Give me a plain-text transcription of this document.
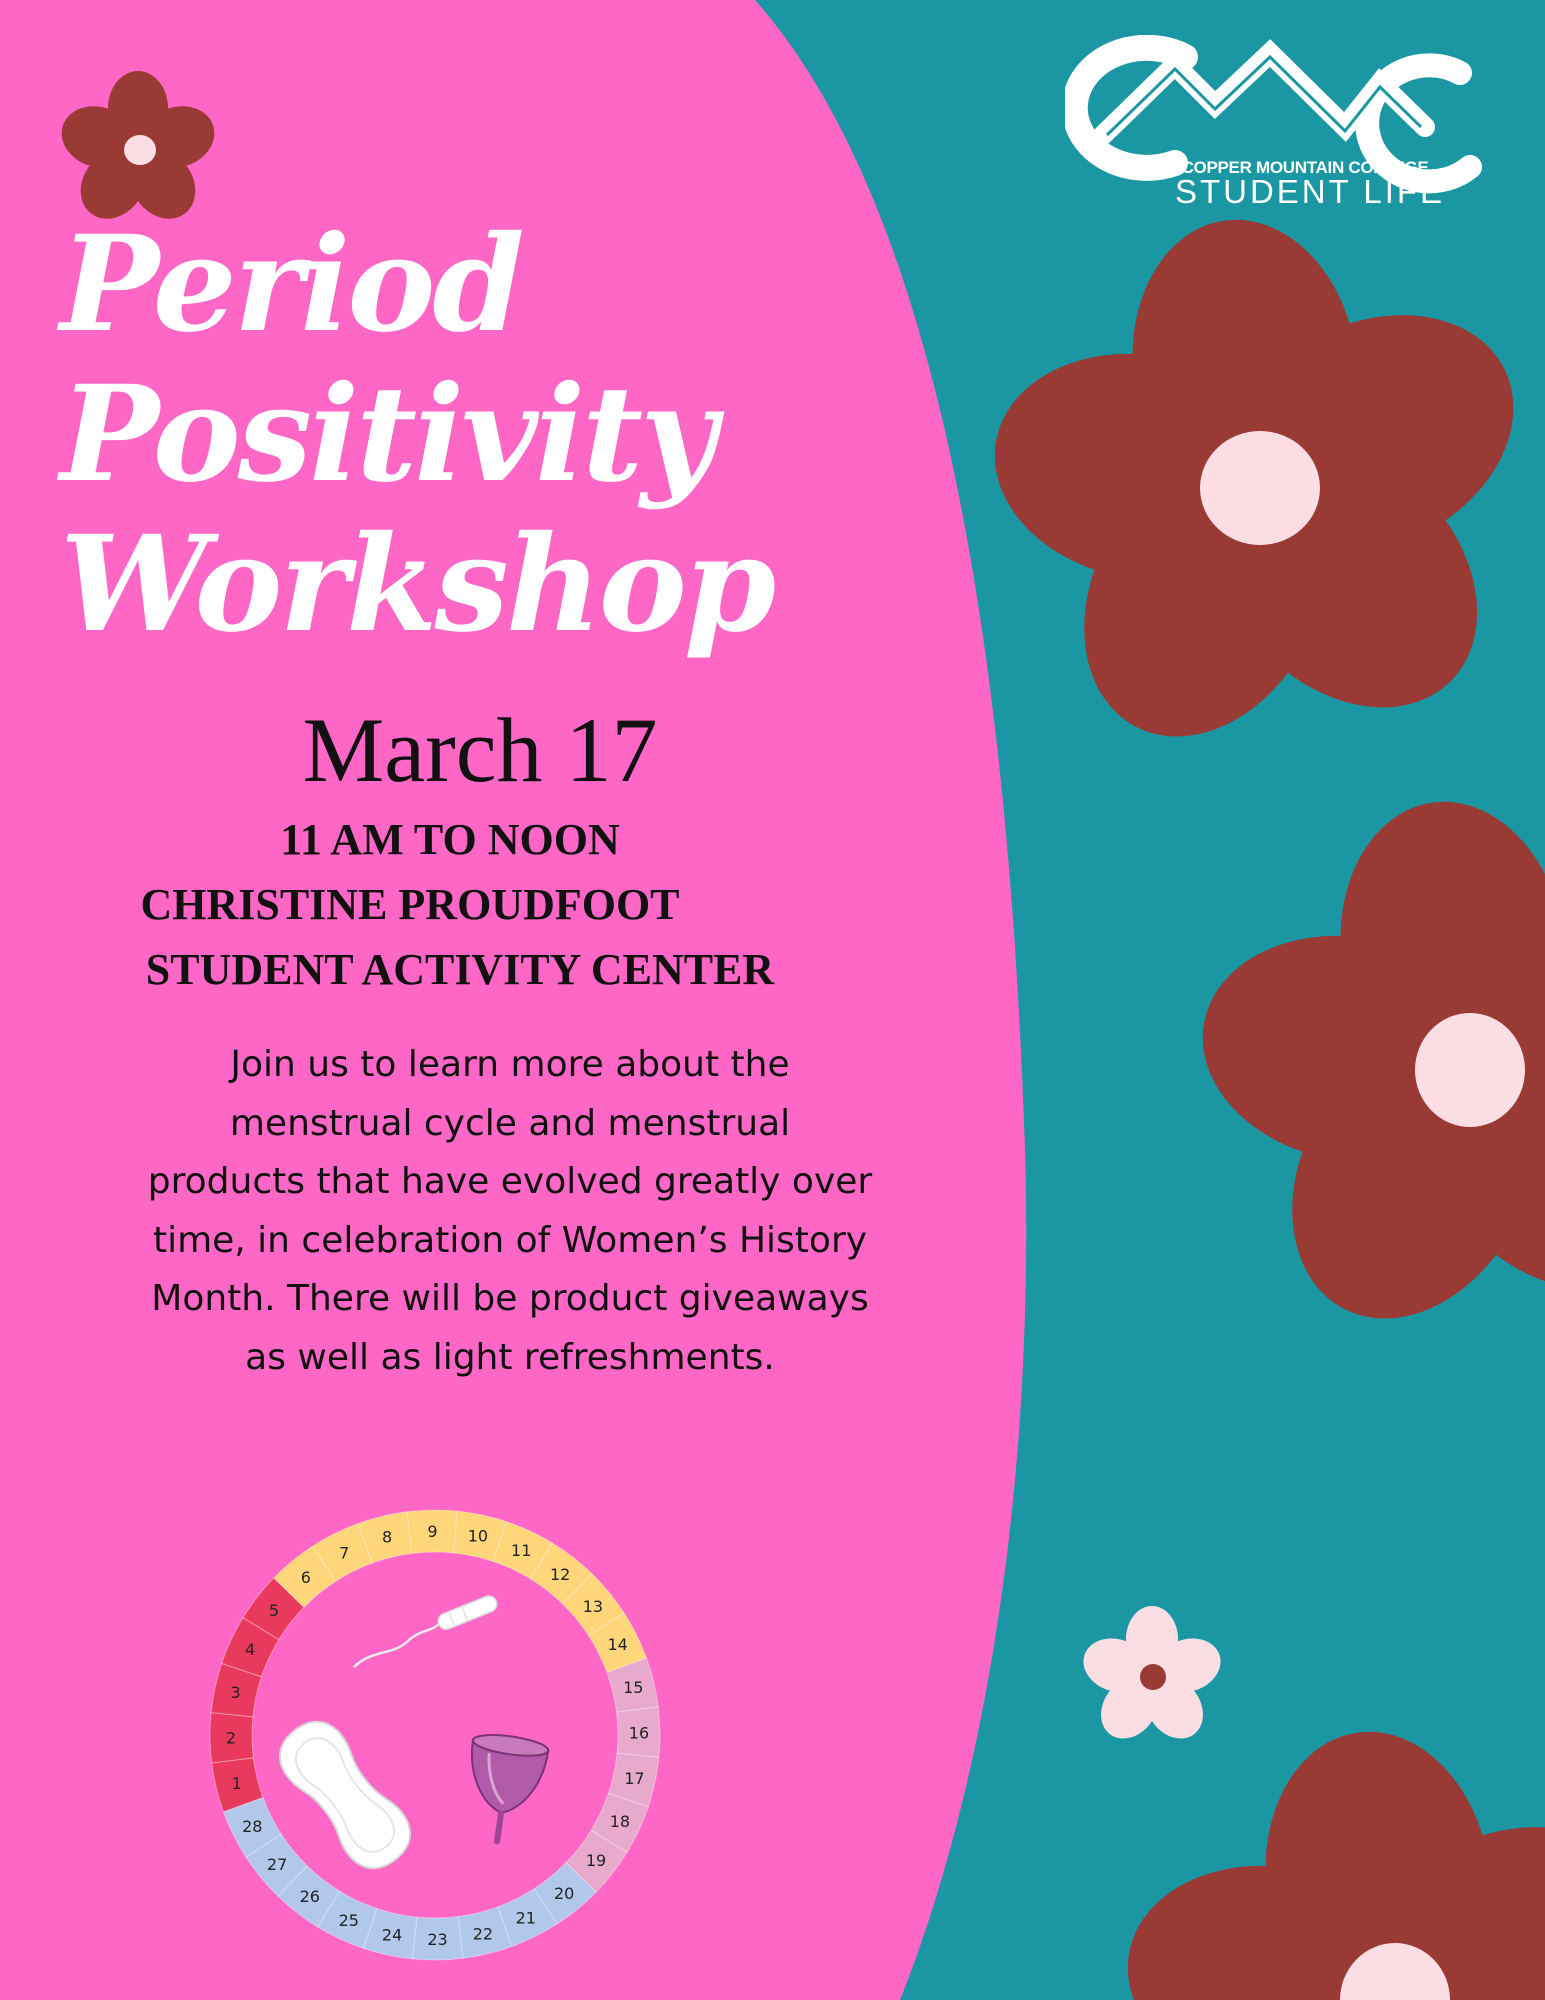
COPPER MOUNTAIN COLLEGE
STUDENT LIFE
Period
Positivity
Workshop
March 17
11 AM TO NOON
CHRISTINE PROUDFOOT
STUDENT ACTIVITY CENTER

Join us to learn more about the
menstrual cycle and menstrual
products that have evolved greatly over
time, in celebration of Women’s History
Month. There will be product giveaways
as well as light refreshments.

1
2
3
4
5
6
7
8 9 10
11
12
13
14
15
16
17
18
19
20
21
22
23
24
25
26
27
28
